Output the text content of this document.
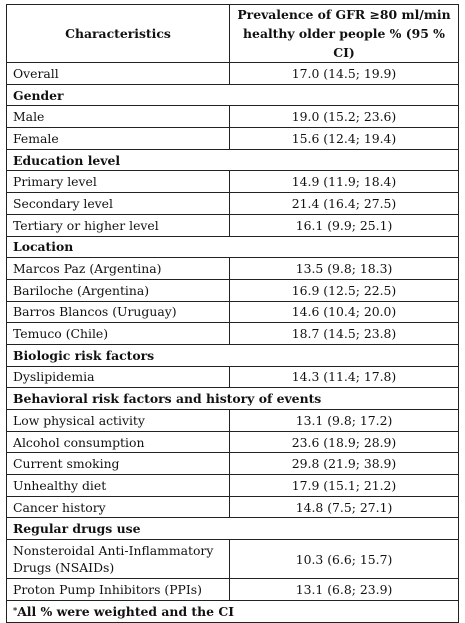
Characteristics	Prevalence of GFR ≥80 ml/min
healthy older people % (95 % CI)
Overall	17.0 (14.5; 19.9)
Gender	
Male	19.0 (15.2; 23.6)
Female	15.6 (12.4; 19.4)
Education level	
Primary level	14.9 (11.9; 18.4)
Secondary level	21.4 (16.4; 27.5)
Tertiary or higher level	16.1 (9.9; 25.1)
Location	
Marcos Paz (Argentina)	13.5 (9.8; 18.3)
Bariloche (Argentina)	16.9 (12.5; 22.5)
Barros Blancos (Uruguay)	14.6 (10.4; 20.0)
Temuco (Chile)	18.7 (14.5; 23.8)
Biologic risk factors	
Dyslipidemia	14.3 (11.4; 17.8)
Behavioral risk factors and history of events	
Low physical activity	13.1 (9.8; 17.2)
Alcohol consumption	23.6 (18.9; 28.9)
Current smoking	29.8 (21.9; 38.9)
Unhealthy diet	17.9 (15.1; 21.2)
Cancer history	14.8 (7.5; 27.1)
Regular drugs use	
Nonsteroidal Anti-Inflammatory Drugs (NSAIDs)	10.3 (6.6; 15.7)
Proton Pump Inhibitors (PPIs)	13.1 (6.8; 23.9)
*All % were weighted and the CI	
